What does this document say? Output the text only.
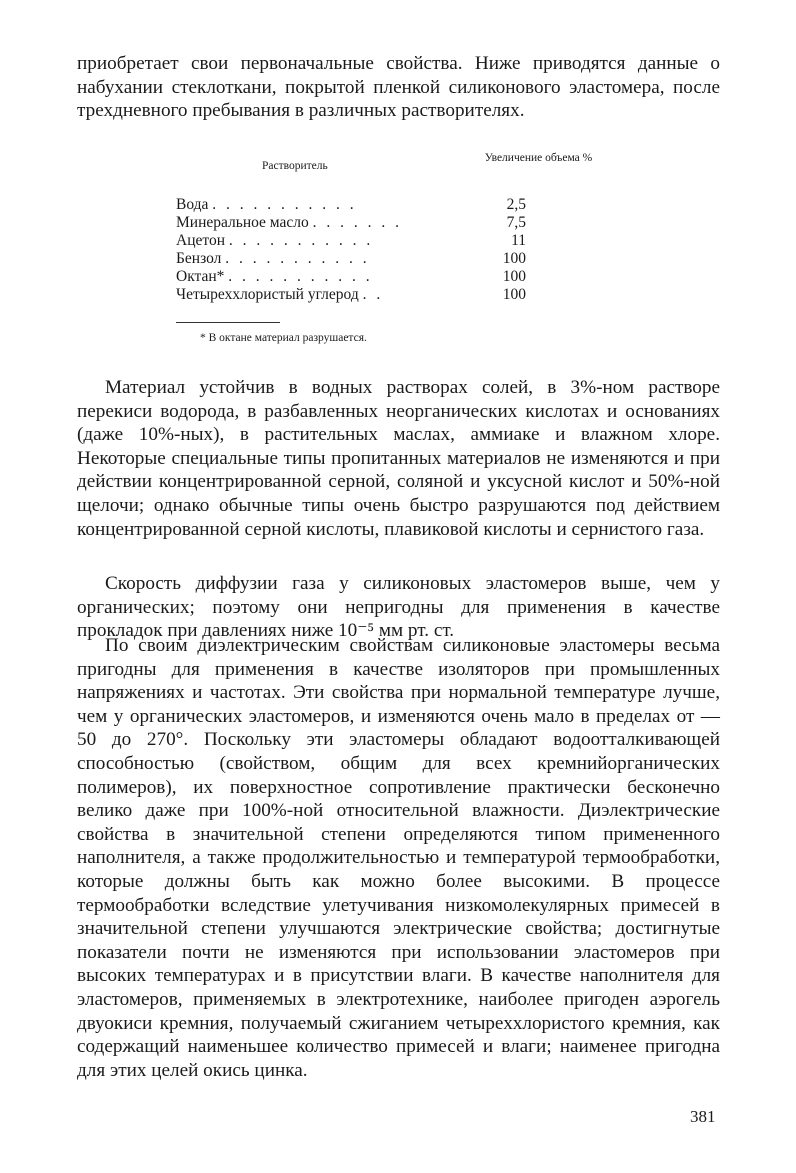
приобретает свои первоначальные свойства. Ниже приводятся данные о набухании стеклоткани, покрытой пленкой силиконового эластомера, после трехдневного пребывания в различных растворителях.

Растворитель
Увеличение объема %
Вода . . . . . . . . . . .	2,5
Минеральное масло . . . . . . .	7,5
Ацетон . . . . . . . . . . .	11
Бензол . . . . . . . . . . .	100
Октан* . . . . . . . . . . .	100
Четыреххлористый углерод . .	100
* В октане материал разрушается.

Материал устойчив в водных растворах солей, в 3%-ном растворе перекиси водорода, в разбавленных неорганических кислотах и основаниях (даже 10%-ных), в растительных маслах, аммиаке и влажном хлоре. Некоторые специальные типы пропитанных материалов не изменяются и при действии концентрированной серной, соляной и уксусной кислот и 50%-ной щелочи; однако обычные типы очень быстро разрушаются под действием концентрированной серной кислоты, плавиковой кислоты и сернистого газа.

Скорость диффузии газа у силиконовых эластомеров выше, чем у органических; поэтому они непригодны для применения в качестве прокладок при давлениях ниже 10⁻⁵ мм рт. ст.

По своим диэлектрическим свойствам силиконовые эластомеры весьма пригодны для применения в качестве изоляторов при промышленных напряжениях и частотах. Эти свойства при нормальной температуре лучше, чем у органических эластомеров, и изменяются очень мало в пределах от —50 до 270°. Поскольку эти эластомеры обладают водоотталкивающей способностью (свойством, общим для всех кремнийорганических полимеров), их поверхностное сопротивление практически бесконечно велико даже при 100%-ной относительной влажности. Диэлектрические свойства в значительной степени определяются типом примененного наполнителя, а также продолжительностью и температурой термообработки, которые должны быть как можно более высокими. В процессе термообработки вследствие улетучивания низкомолекулярных примесей в значительной степени улучшаются электрические свойства; достигнутые показатели почти не изменяются при использовании эластомеров при высоких температурах и в присутствии влаги. В качестве наполнителя для эластомеров, применяемых в электротехнике, наиболее пригоден аэрогель двуокиси кремния, получаемый сжиганием четыреххлористого кремния, как содержащий наименьшее количество примесей и влаги; наименее пригодна для этих целей окись цинка.

381
